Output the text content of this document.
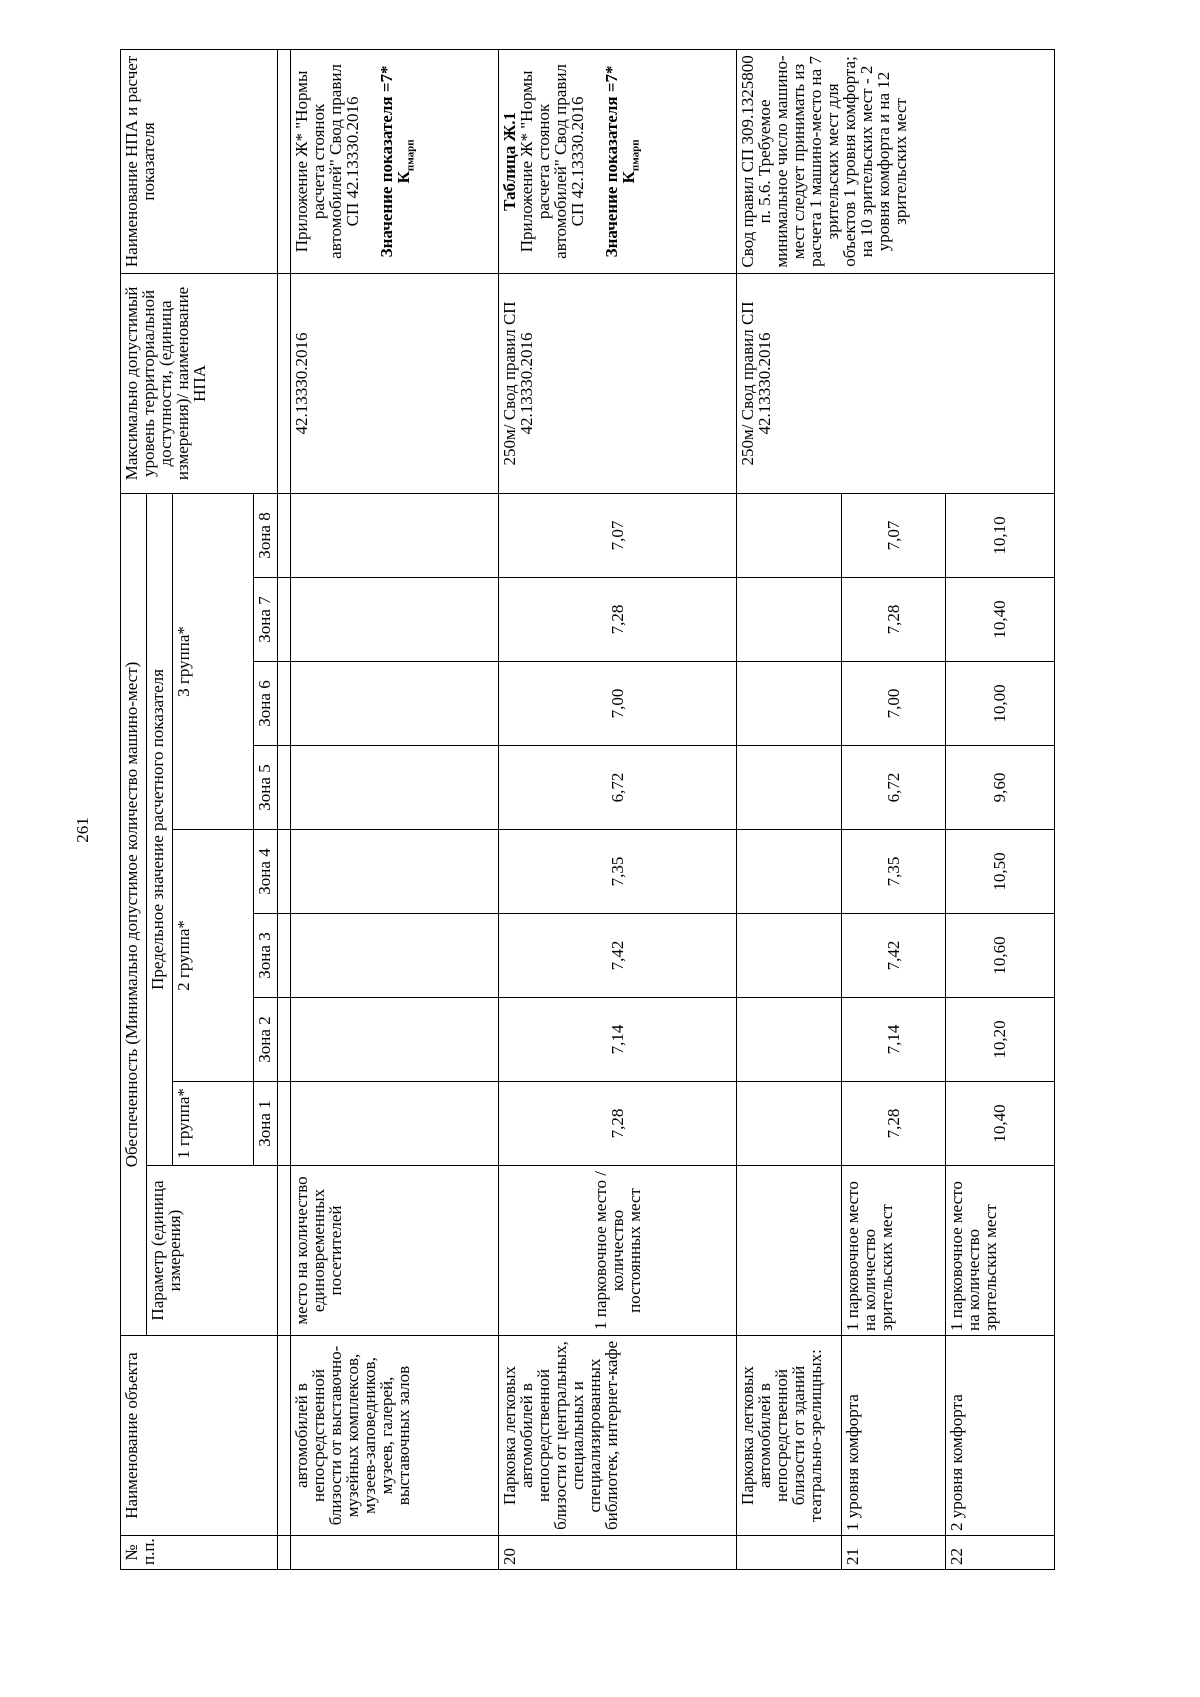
261
№ п.п.	Наименование объекта	Обеспеченность (Минимально допустимое количество машино-мест)									Максимально допустимый уровень территориальной доступности, (единица измерения)/ наименование НПА	Наименование НПА и расчет показателя
		Параметр (единица измерения)	Предельное значение расчетного показателя									
			1 группа*	2 группа*			3 группа*					
			Зона 1	Зона 2	Зона 3	Зона 4	Зона 5	Зона 6	Зона 7	Зона 8		

	автомобилей в непосредственной близости от выставочно-музейных комплексов, музеев-заповедников, музеев, галерей, выставочных залов	место на количество единовременных посетителей									42.13330.2016	Приложение Ж* "Нормы расчета стоянок автомобилей" Свод правил СП 42.13330.2016

Значение показателя =7* $К_{пмарп}$

20	Парковка легковых автомобилей в непосредственной близости от центральных, специальных и специализированных библиотек, интернет-кафе	1 парковочное место / количество постоянных мест	7,28	7,14	7,42	7,35	6,72	7,00	7,28	7,07	250м/ Свод правил СП 42.13330.2016	Таблица Ж.1

Приложение Ж* "Нормы расчета стоянок автомобилей" Свод правил СП 42.13330.2016

Значение показателя =7* $К_{пмарп}$

	Парковка легковых автомобилей в непосредственной близости от зданий театрально-зрелищных:										250м/ Свод правил СП 42.13330.2016	Свод правил СП 309.1325800 п. 5.6. Требуемое минимальное число машино- мест следует принимать из расчета 1 машино-место на 7 зрительских мест для объектов 1 уровня комфорта; на 10 зрительских мест - 2 уровня комфорта и на 12 зрительских мест
21	1 уровня комфорта	1 парковочное место на количество зрительских мест	7,28	7,14	7,42	7,35	6,72	7,00	7,28	7,07		
22	2 уровня комфорта	1 парковочное место на количество зрительских мест	10,40	10,20	10,60	10,50	9,60	10,00	10,40	10,10		
